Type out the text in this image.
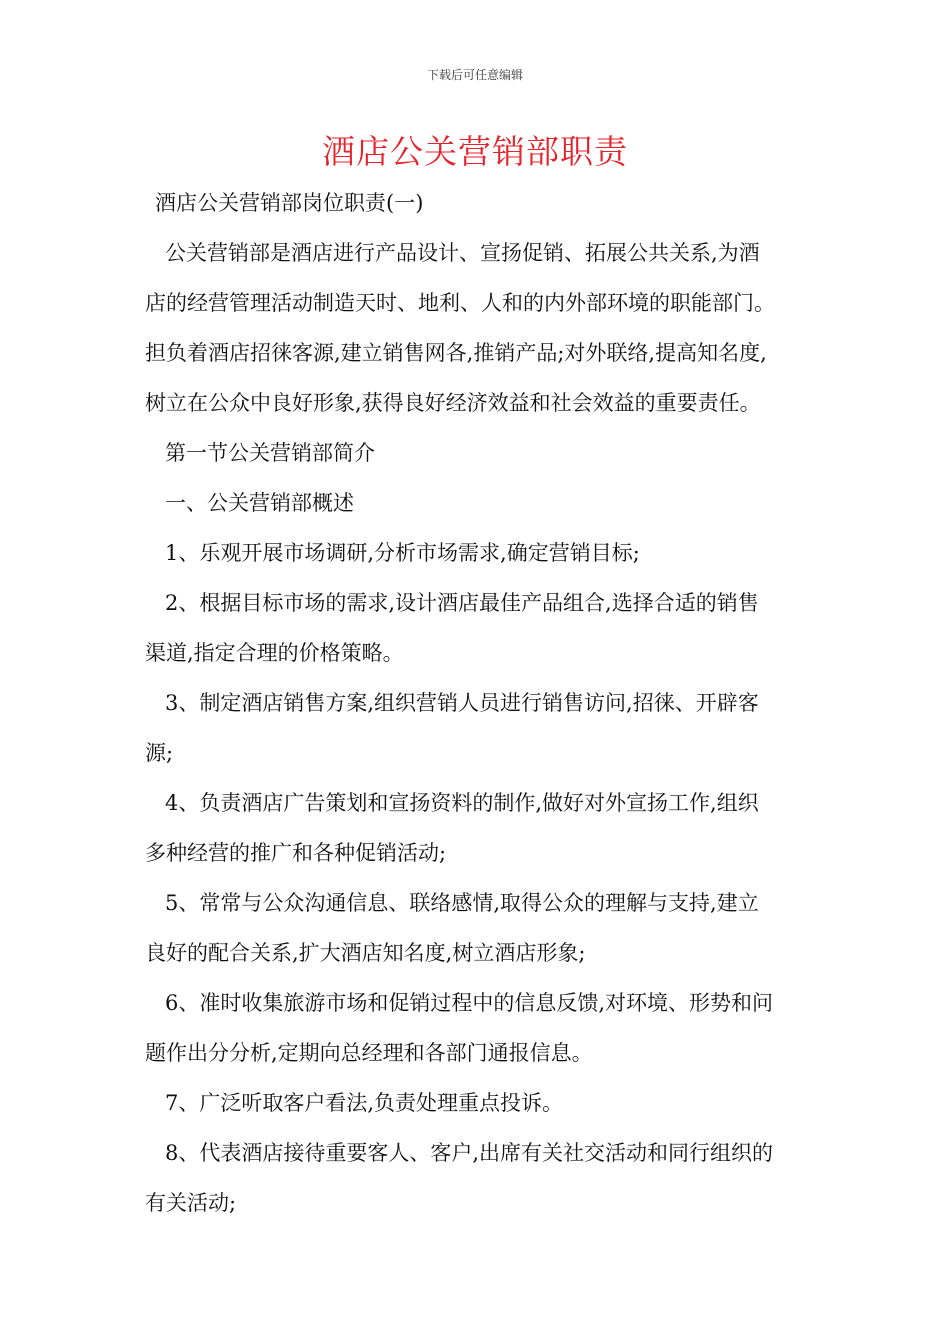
下载后可任意编辑
酒店公关营销部职责
酒店公关营销部岗位职责(一)
公关营销部是酒店进行产品设计、宣扬促销、拓展公共关系,为酒
店的经营管理活动制造天时、地利、人和的内外部环境的职能部门。
担负着酒店招徕客源,建立销售网各,推销产品;对外联络,提高知名度,
树立在公众中良好形象,获得良好经济效益和社会效益的重要责任。
第一节公关营销部简介
一、公关营销部概述
1、乐观开展市场调研,分析市场需求,确定营销目标;
2、根据目标市场的需求,设计酒店最佳产品组合,选择合适的销售
渠道,指定合理的价格策略。
3、制定酒店销售方案,组织营销人员进行销售访问,招徕、开辟客
源;
4、负责酒店广告策划和宣扬资料的制作,做好对外宣扬工作,组织
多种经营的推广和各种促销活动;
5、常常与公众沟通信息、联络感情,取得公众的理解与支持,建立
良好的配合关系,扩大酒店知名度,树立酒店形象;
6、准时收集旅游市场和促销过程中的信息反馈,对环境、形势和问
题作出分分析,定期向总经理和各部门通报信息。
7、广泛听取客户看法,负责处理重点投诉。
8、代表酒店接待重要客人、客户,出席有关社交活动和同行组织的
有关活动;
